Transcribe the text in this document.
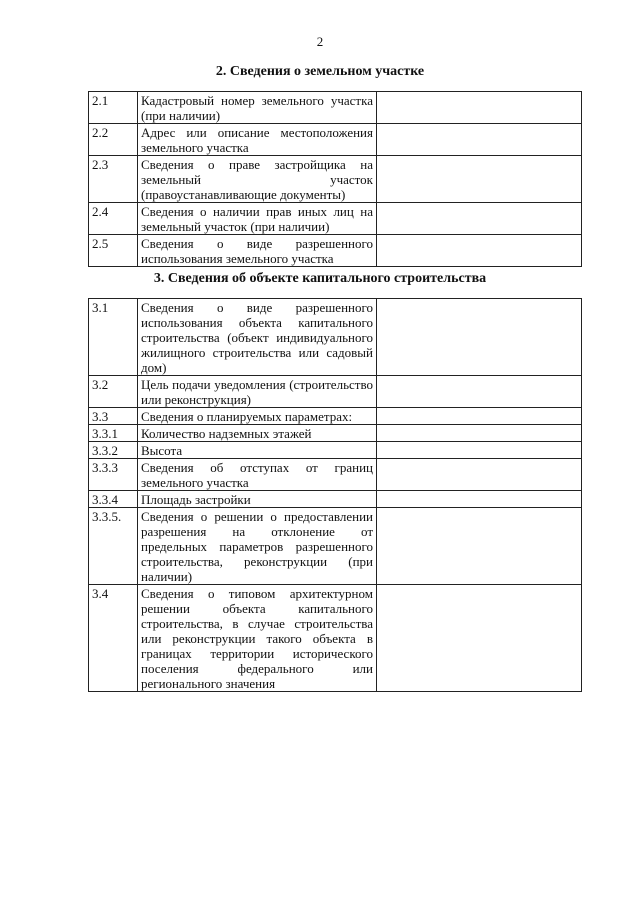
2
2. Сведения о земельном участке
2.1	Кадастровый номер земельного участка (при наличии)	
2.2	Адрес или описание местоположения земельного участка	
2.3	Сведения о праве застройщика на земельный участок (правоустанавливающие документы)	
2.4	Сведения о наличии прав иных лиц на земельный участок (при наличии)	
2.5	Сведения о виде разрешенного использования земельного участка	
3. Сведения об объекте капитального строительства
3.1	Сведения о виде разрешенного использования объекта капитального строительства (объект индивидуального жилищного строительства или садовый дом)	
3.2	Цель подачи уведомления (строительство или реконструкция)	
3.3	Сведения о планируемых параметрах:	
3.3.1	Количество надземных этажей	
3.3.2	Высота	
3.3.3	Сведения об отступах от границ земельного участка	
3.3.4	Площадь застройки	
3.3.5.	Сведения о решении о предоставлении разрешения на отклонение от предельных параметров разрешенного строительства, реконструкции (при наличии)	
3.4	Сведения о типовом архитектурном решении объекта капитального строительства, в случае строительства или реконструкции такого объекта в границах территории исторического поселения федерального или регионального значения	
